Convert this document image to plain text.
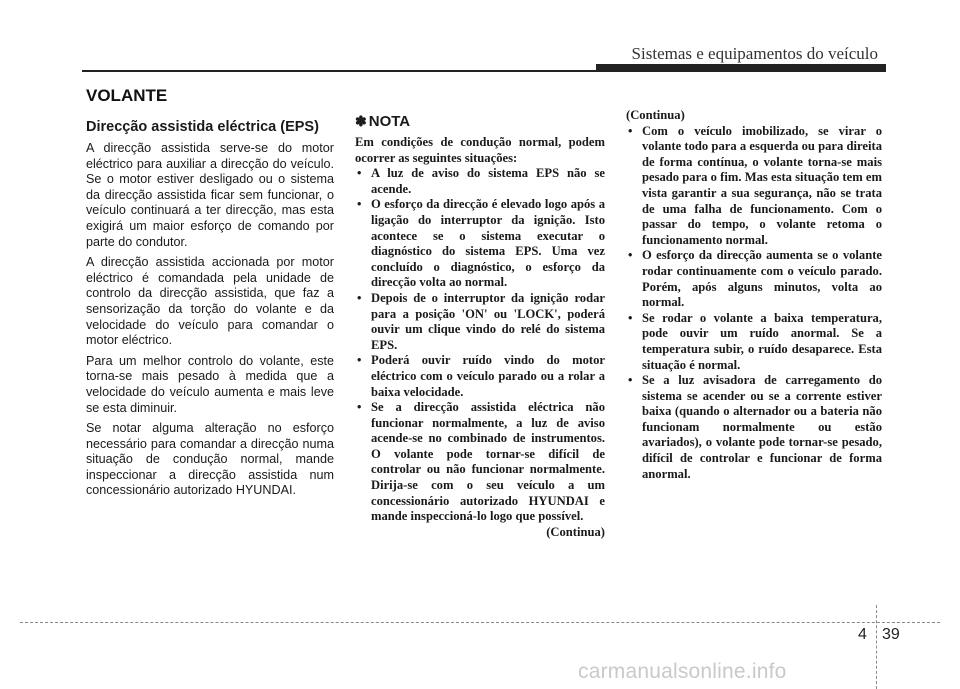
Sistemas e equipamentos do veículo
VOLANTE
Direcção assistida eléctrica (EPS)

A direcção assistida serve-se do motor eléctrico para auxiliar a direcção do veículo. Se o motor estiver desligado ou o sistema da direcção assistida ficar sem funcionar, o veículo continuará a ter direcção, mas esta exigirá um maior esforço de comando por parte do condutor.

A direcção assistida accionada por motor eléctrico é comandada pela unidade de controlo da direcção assistida, que faz a sensorização da torção do volante e da velocidade do veículo para comandar o motor eléctrico.

Para um melhor controlo do volante, este torna-se mais pesado à medida que a velocidade do veículo aumenta e mais leve se esta diminuir.

Se notar alguma alteração no esforço necessário para comandar a direcção numa situação de condução normal, mande inspeccionar a direcção assistida num concessionário autorizado HYUNDAI.

✽ NOTA

Em condições de condução normal, podem ocorrer as seguintes situações:

• A luz de aviso do sistema EPS não se acende.
• O esforço da direcção é elevado logo após a ligação do interruptor da ignição. Isto acontece se o sistema executar o diagnóstico do sistema EPS. Uma vez concluído o diagnóstico, o esforço da direcção volta ao normal.
• Depois de o interruptor da ignição rodar para a posição 'ON' ou 'LOCK', poderá ouvir um clique vindo do relé do sistema EPS.
• Poderá ouvir ruído vindo do motor eléctrico com o veículo parado ou a rolar a baixa velocidade.
• Se a direcção assistida eléctrica não funcionar normalmente, a luz de aviso acende-se no combinado de instrumentos. O volante pode tornar-se difícil de controlar ou não funcionar normalmente. Dirija-se com o seu veículo a um concessionário autorizado HYUNDAI e mande inspeccioná-lo logo que possível.

(Continua)

(Continua)

• Com o veículo imobilizado, se virar o volante todo para a esquerda ou para direita de forma contínua, o volante torna-se mais pesado para o fim. Mas esta situação tem em vista garantir a sua segurança, não se trata de uma falha de funcionamento. Com o passar do tempo, o volante retoma o funcionamento normal.
• O esforço da direcção aumenta se o volante rodar continuamente com o veículo parado. Porém, após alguns minutos, volta ao normal.
• Se rodar o volante a baixa temperatura, pode ouvir um ruído anormal. Se a temperatura subir, o ruído desaparece. Esta situação é normal.
• Se a luz avisadora de carregamento do sistema se acender ou se a corrente estiver baixa (quando o alternador ou a bateria não funcionam normalmente ou estão avariados), o volante pode tornar-se pesado, difícil de controlar e funcionar de forma anormal.
4 39
carmanualsonline.info
